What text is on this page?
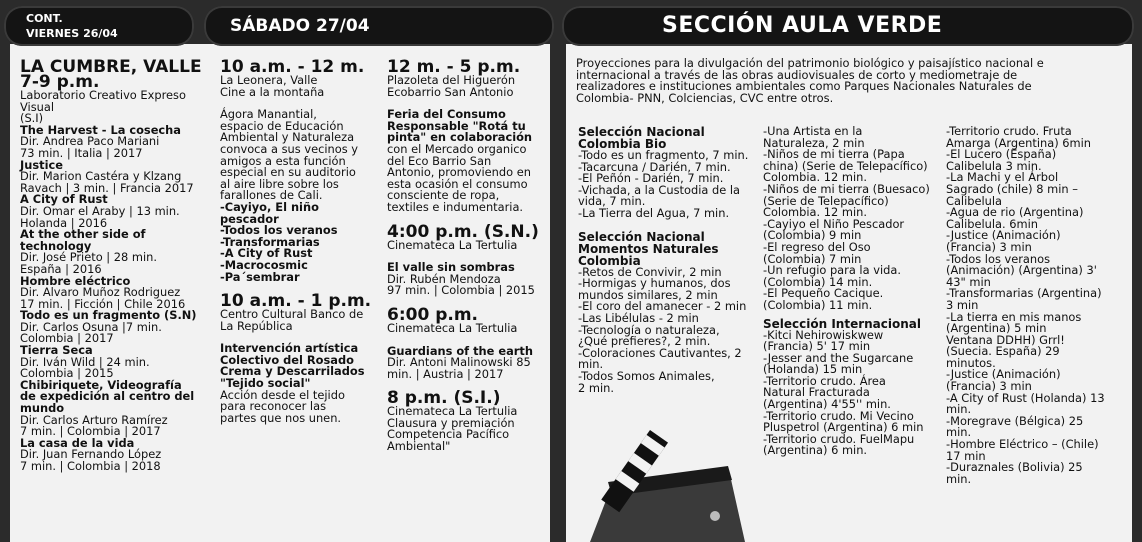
CONT.
VIERNES 26/04	SÁBADO 27/04	SECCIÓN AULA VERDE
LA CUMBRE, VALLE
7-9 p.m.
Laboratorio Creativo Expreso
Visual
(S.I)
The Harvest - La cosecha
Dir. Andrea Paco Mariani
73 min. | Italia | 2017
Justice
Dir. Marion Castéra y Klzang
Ravach | 3 min. | Francia 2017
A City of Rust
Dir. Omar el Araby | 13 min.
Holanda | 2016
At the other side of
technology
Dir. José Prieto | 28 min.
España | 2016
Hombre eléctrico
Dir. Alvaro Muñoz Rodriguez
17 min. | Ficción | Chile 2016
Todo es un fragmento (S.N)
Dir. Carlos Osuna |7 min.
Colombia | 2017
Tierra Seca
Dir. Iván Wild | 24 min.
Colombia | 2015
Chibiriquete, Videografía
de expedición al centro del
mundo
Dir. Carlos Arturo Ramírez
7 min. | Colombia | 2017
La casa de la vida
Dir. Juan Fernando López
7 min. | Colombia | 2018
10 a.m. - 12 m.
La Leonera, Valle
Cine a la montaña
Ágora Manantial,
espacio de Educación
Ambiental y Naturaleza
convoca a sus vecinos y
amigos a esta función
especial en su auditorio
al aire libre sobre los
farallones de Cali.
-Cayiyo, El niño
pescador
-Todos los veranos
-Transformarias
-A City of Rust
-Macrocosmic
-Pa´sembrar
10 a.m. - 1 p.m.
Centro Cultural Banco de
La República
Intervención artística
Colectivo del Rosado
Crema y Descarrilados
"Tejido social"
Acción desde el tejido
para reconocer las
partes que nos unen.
12 m. - 5 p.m.
Plazoleta del Higuerón
Ecobarrio San Antonio
Feria del Consumo
Responsable "Rotá tu
pinta" en colaboración
con el Mercado organico
del Eco Barrio San
Antonio, promoviendo en
esta ocasión el consumo
consciente de ropa,
textiles e indumentaria.
4:00 p.m. (S.N.)
Cinemateca La Tertulia
El valle sin sombras
Dir. Rubén Mendoza
97 min. | Colombia | 2015
6:00 p.m.
Cinemateca La Tertulia
Guardians of the earth
Dir. Antoni Malinowski 85
min. | Austria | 2017
8 p.m. (S.I.)
Cinemateca La Tertulia
Clausura y premiación
Competencia Pacífico
Ambiental"
Proyecciones para la divulgación del patrimonio biológico y paisajístico nacional e
internacional a través de las obras audiovisuales de corto y mediometraje de
realizadores e instituciones ambientales como Parques Nacionales Naturales de
Colombia- PNN, Colciencias, CVC entre otros.
Selección Nacional
Colombia Bio
-Todo es un fragmento, 7 min.
-Tacarcuna / Darién, 7 min.
-El Peñón - Darién, 7 min.
-Vichada, a la Custodia de la
vida, 7 min.
-La Tierra del Agua, 7 min.
Selección Nacional
Momentos Naturales
Colombia
-Retos de Convivir, 2 min
-Hormigas y humanos, dos
mundos similares, 2 min
-El coro del amanecer - 2 min
-Las Libélulas - 2 min
-Tecnología o naturaleza,
¿Qué prefieres?, 2 min.
-Coloraciones Cautivantes, 2
min.
-Todos Somos Animales,
2 min.
-Una Artista en la
Naturaleza, 2 min
-Niños de mi tierra (Papa
china) (Serie de Telepacífico)
Colombia. 12 min.
-Niños de mi tierra (Buesaco)
(Serie de Telepacífico)
Colombia. 12 min.
-Cayiyo el Niño Pescador
(Colombia) 9 min
-El regreso del Oso
(Colombia) 7 min
-Un refugio para la vida.
(Colombia) 14 min.
-El Pequeño Cacique.
(Colombia) 11 min.
Selección Internacional
-Kitci Nehirowiskwew
(Francia) 5' 17 min
-Jesser and the Sugarcane
(Holanda) 15 min
-Territorio crudo. Área
Natural Fracturada
(Argentina) 4'55'' min.
-Territorio crudo. Mi Vecino
Pluspetrol (Argentina) 6 min
-Territorio crudo. FuelMapu
(Argentina) 6 min.
-Territorio crudo. Fruta
Amarga (Argentina) 6min
-El Lucero (España)
Calibelula 3 min.
-La Machi y el Árbol
Sagrado (chile) 8 min –
Calibelula
-Agua de rio (Argentina)
Calibelula. 6min
-Justice (Animación)
(Francia) 3 min
-Todos los veranos
(Animación) (Argentina) 3'
43" min
-Transformarias (Argentina)
3 min
-La tierra en mis manos
(Argentina) 5 min
Ventana DDHH) Grrl!
(Suecia. España) 29
minutos.
-Justice (Animación)
(Francia) 3 min
-A City of Rust (Holanda) 13
min.
-Moregrave (Bélgica) 25
min.
-Hombre Eléctrico – (Chile)
17 min
-Duraznales (Bolivia) 25
min.
